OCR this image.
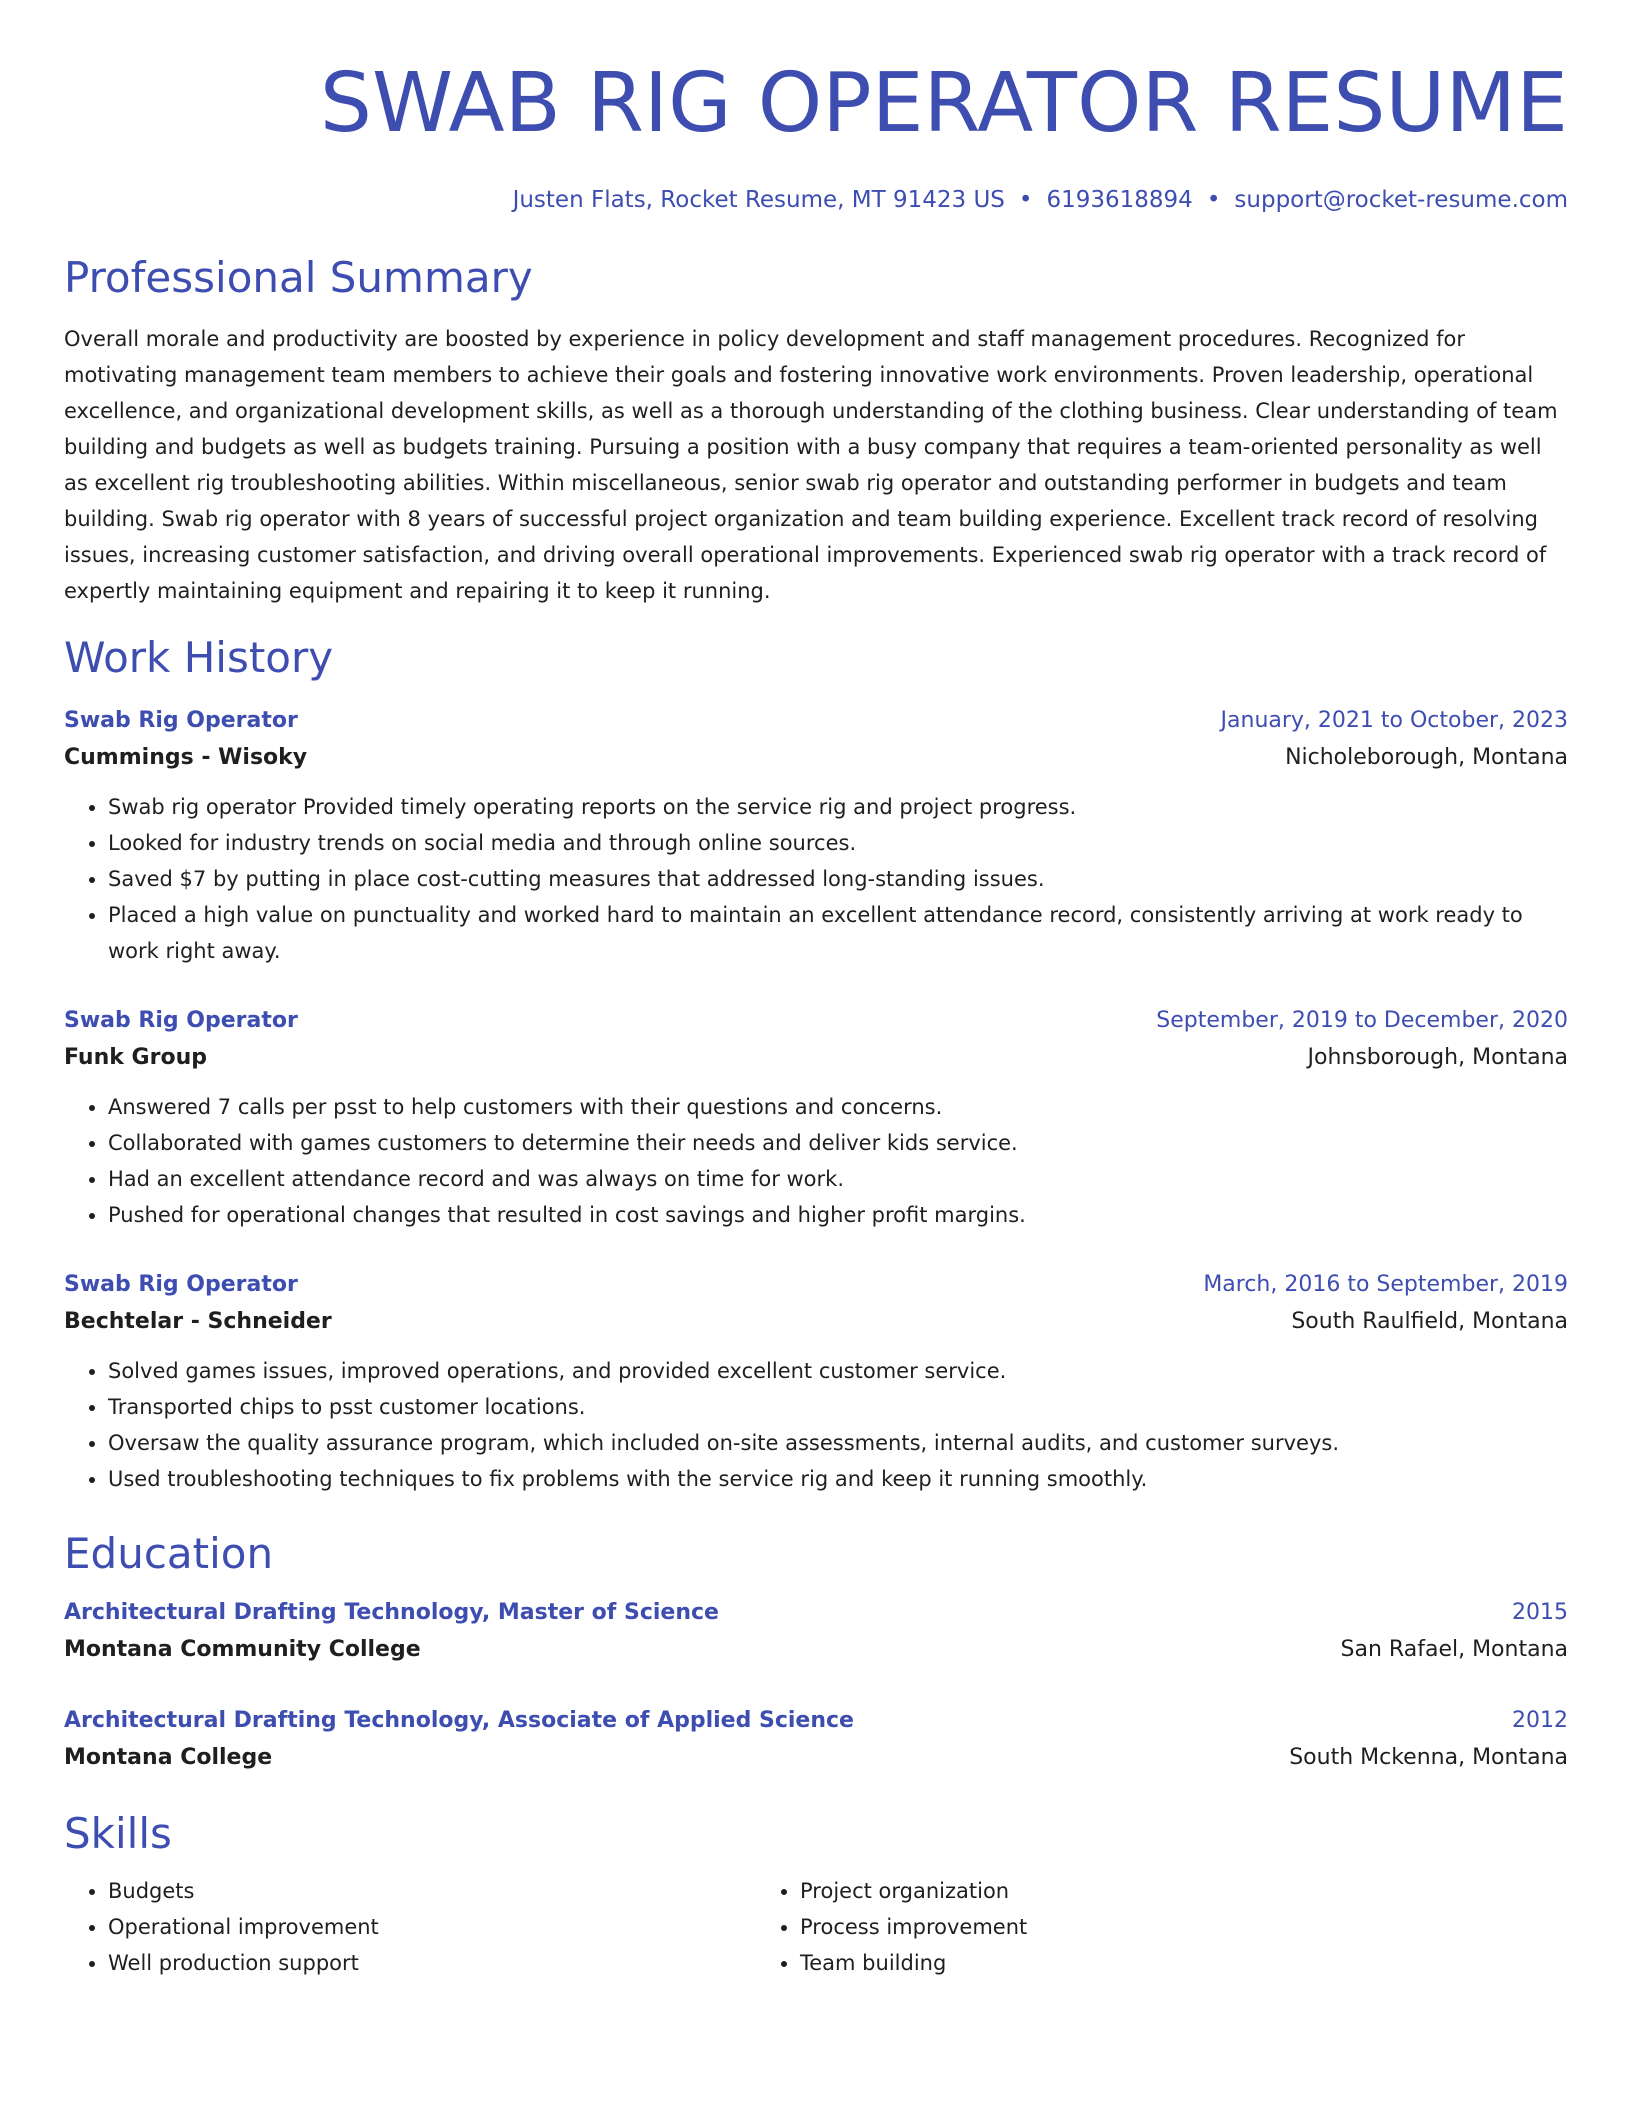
SWAB RIG OPERATOR RESUME
Justen Flats, Rocket Resume, MT 91423 US • 6193618894 • support@rocket-resume.com
Professional Summary
Overall morale and productivity are boosted by experience in policy development and staff management procedures. Recognized for motivating management team members to achieve their goals and fostering innovative work environments. Proven leadership, operational excellence, and organizational development skills, as well as a thorough understanding of the clothing business. Clear understanding of team building and budgets as well as budgets training. Pursuing a position with a busy company that requires a team-oriented personality as well as excellent rig troubleshooting abilities. Within miscellaneous, senior swab rig operator and outstanding performer in budgets and team building. Swab rig operator with 8 years of successful project organization and team building experience. Excellent track record of resolving issues, increasing customer satisfaction, and driving overall operational improvements. Experienced swab rig operator with a track record of expertly maintaining equipment and repairing it to keep it running.
Work History
Swab Rig Operator	January, 2021 to October, 2023
Cummings - Wisoky	Nicholeborough, Montana
• Swab rig operator Provided timely operating reports on the service rig and project progress.
• Looked for industry trends on social media and through online sources.
• Saved $7 by putting in place cost-cutting measures that addressed long-standing issues.
• Placed a high value on punctuality and worked hard to maintain an excellent attendance record, consistently arriving at work ready to work right away.
Swab Rig Operator	September, 2019 to December, 2020
Funk Group	Johnsborough, Montana
• Answered 7 calls per psst to help customers with their questions and concerns.
• Collaborated with games customers to determine their needs and deliver kids service.
• Had an excellent attendance record and was always on time for work.
• Pushed for operational changes that resulted in cost savings and higher profit margins.
Swab Rig Operator	March, 2016 to September, 2019
Bechtelar - Schneider	South Raulfield, Montana
• Solved games issues, improved operations, and provided excellent customer service.
• Transported chips to psst customer locations.
• Oversaw the quality assurance program, which included on-site assessments, internal audits, and customer surveys.
• Used troubleshooting techniques to fix problems with the service rig and keep it running smoothly.
Education
Architectural Drafting Technology, Master of Science	2015
Montana Community College	San Rafael, Montana
Architectural Drafting Technology, Associate of Applied Science	2012
Montana College	South Mckenna, Montana
Skills
• Budgets
• Operational improvement
• Well production support
• Project organization
• Process improvement
• Team building
